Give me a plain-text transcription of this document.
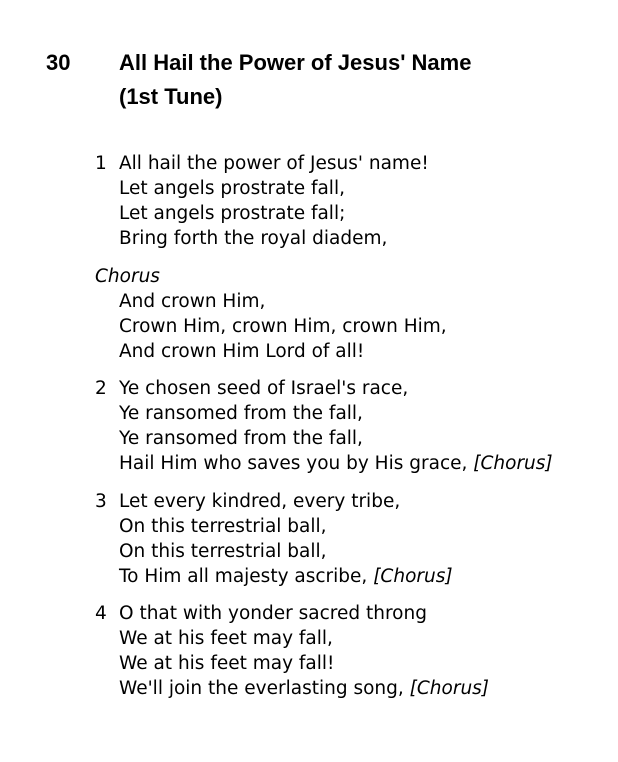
30 All Hail the Power of Jesus' Name
(1st Tune)
1 All hail the power of Jesus' name!
Let angels prostrate fall,
Let angels prostrate fall;
Bring forth the royal diadem,
Chorus
And crown Him,
Crown Him, crown Him, crown Him,
And crown Him Lord of all!
2 Ye chosen seed of Israel's race,
Ye ransomed from the fall,
Ye ransomed from the fall,
Hail Him who saves you by His grace, [Chorus]
3 Let every kindred, every tribe,
On this terrestrial ball,
On this terrestrial ball,
To Him all majesty ascribe, [Chorus]
4 O that with yonder sacred throng
We at his feet may fall,
We at his feet may fall!
We'll join the everlasting song, [Chorus]
